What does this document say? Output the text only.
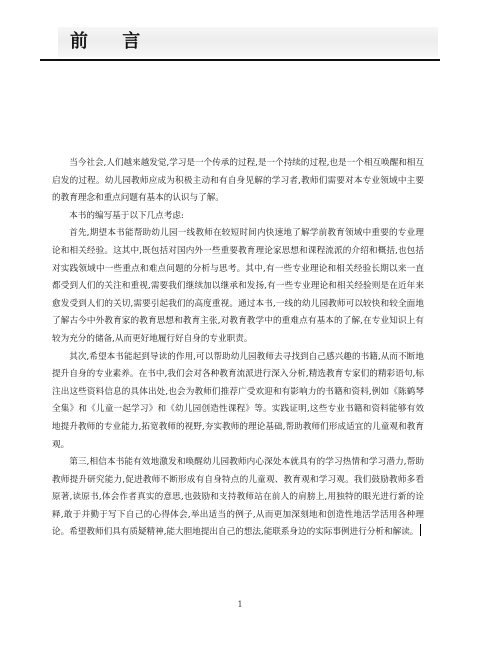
前 言

当今社会,人们越来越发觉,学习是一个传承的过程,是一个持续的过程,也是一个相互唤醒和相互启发的过程。幼儿园教师应成为积极主动和有自身见解的学习者,教师们需要对本专业领域中主要的教育理念和重点问题有基本的认识与了解。

本书的编写基于以下几点考虑:

首先,期望本书能帮助幼儿园一线教师在较短时间内快速地了解学前教育领域中重要的专业理论和相关经验。这其中,既包括对国内外一些重要教育理论家思想和课程流派的介绍和概括,也包括对实践领域中一些重点和难点问题的分析与思考。其中,有一些专业理论和相关经验长期以来一直都受到人们的关注和重视,需要我们继续加以继承和发扬,有一些专业理论和相关经验则是在近年来愈发受到人们的关切,需要引起我们的高度重视。通过本书,一线的幼儿园教师可以较快和较全面地了解古今中外教育家的教育思想和教育主张,对教育教学中的重难点有基本的了解,在专业知识上有较为充分的储备,从而更好地履行好自身的专业职责。

其次,希望本书能起到导读的作用,可以帮助幼儿园教师去寻找到自己感兴趣的书籍,从而不断地提升自身的专业素养。在书中,我们会对各种教育流派进行深入分析,精选教育专家们的精彩语句,标注出这些资料信息的具体出处,也会为教师们推荐广受欢迎和有影响力的书籍和资料,例如《陈鹤琴全集》和《儿童一起学习》和《幼儿园创造性课程》等。实践证明,这些专业书籍和资料能够有效地提升教师的专业能力,拓宽教师的视野,夯实教师的理论基础,帮助教师们形成适宜的儿童观和教育观。

第三,相信本书能有效地激发和唤醒幼儿园教师内心深处本就具有的学习热情和学习潜力,帮助教师提升研究能力,促进教师不断形成有自身特点的儿童观、教育观和学习观。我们鼓励教师多看原著,读原书,体会作者真实的意思,也鼓励和支持教师站在前人的肩膀上,用独特的眼光进行新的诠释,敢于并勤于写下自己的心得体会,举出适当的例子,从而更加深刻地和创造性地活学活用各种理论。希望教师们具有质疑精神,能大胆地提出自己的想法,能联系身边的实际事例进行分析和解读。

1
